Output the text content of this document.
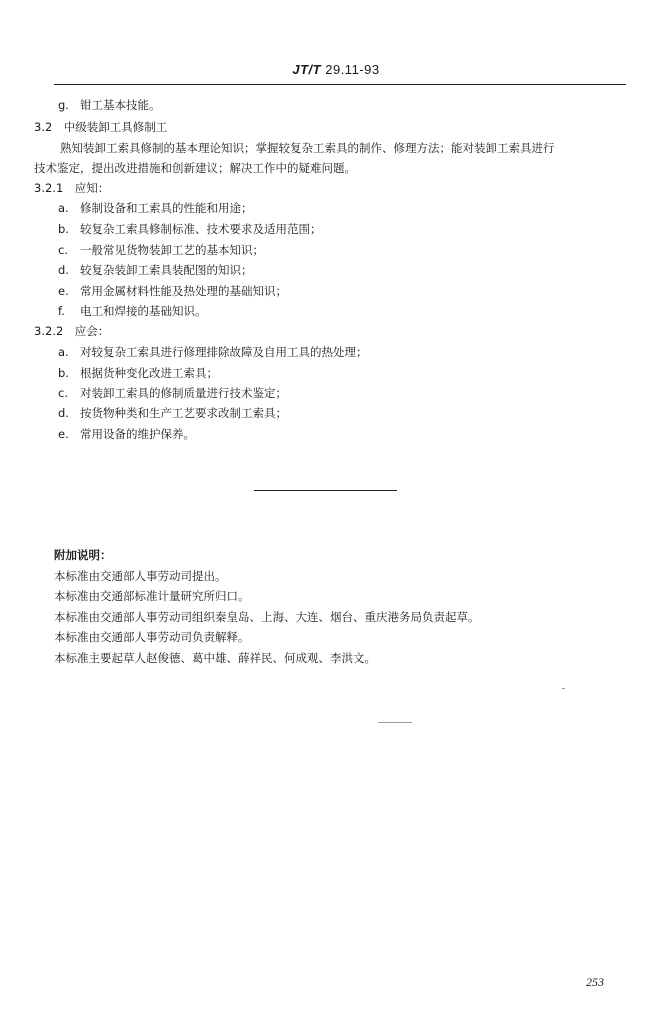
JT/T 29.11-93
g. 钳工基本技能。
3.2　中级装卸工具修制工
熟知装卸工索具修制的基本理论知识；掌握较复杂工索具的制作、修理方法；能对装卸工索具进行
技术鉴定，提出改进措施和创新建议；解决工作中的疑难问题。
3.2.1　应知：
a. 修制设备和工索具的性能和用途；
b. 较复杂工索具修制标准、技术要求及适用范围；
c. 一般常见货物装卸工艺的基本知识；
d. 较复杂装卸工索具装配图的知识；
e. 常用金属材料性能及热处理的基础知识；
f. 电工和焊接的基础知识。
3.2.2　应会：
a. 对较复杂工索具进行修理排除故障及自用工具的热处理；
b. 根据货种变化改进工索具；
c. 对装卸工索具的修制质量进行技术鉴定；
d. 按货物种类和生产工艺要求改制工索具；
e. 常用设备的维护保养。
附加说明：
本标准由交通部人事劳动司提出。
本标准由交通部标准计量研究所归口。
本标准由交通部人事劳动司组织秦皇岛、上海、大连、烟台、重庆港务局负责起草。
本标准由交通部人事劳动司负责解释。
本标准主要起草人赵俊德、葛中雄、薛祥民、何成观、李洪文。
253
